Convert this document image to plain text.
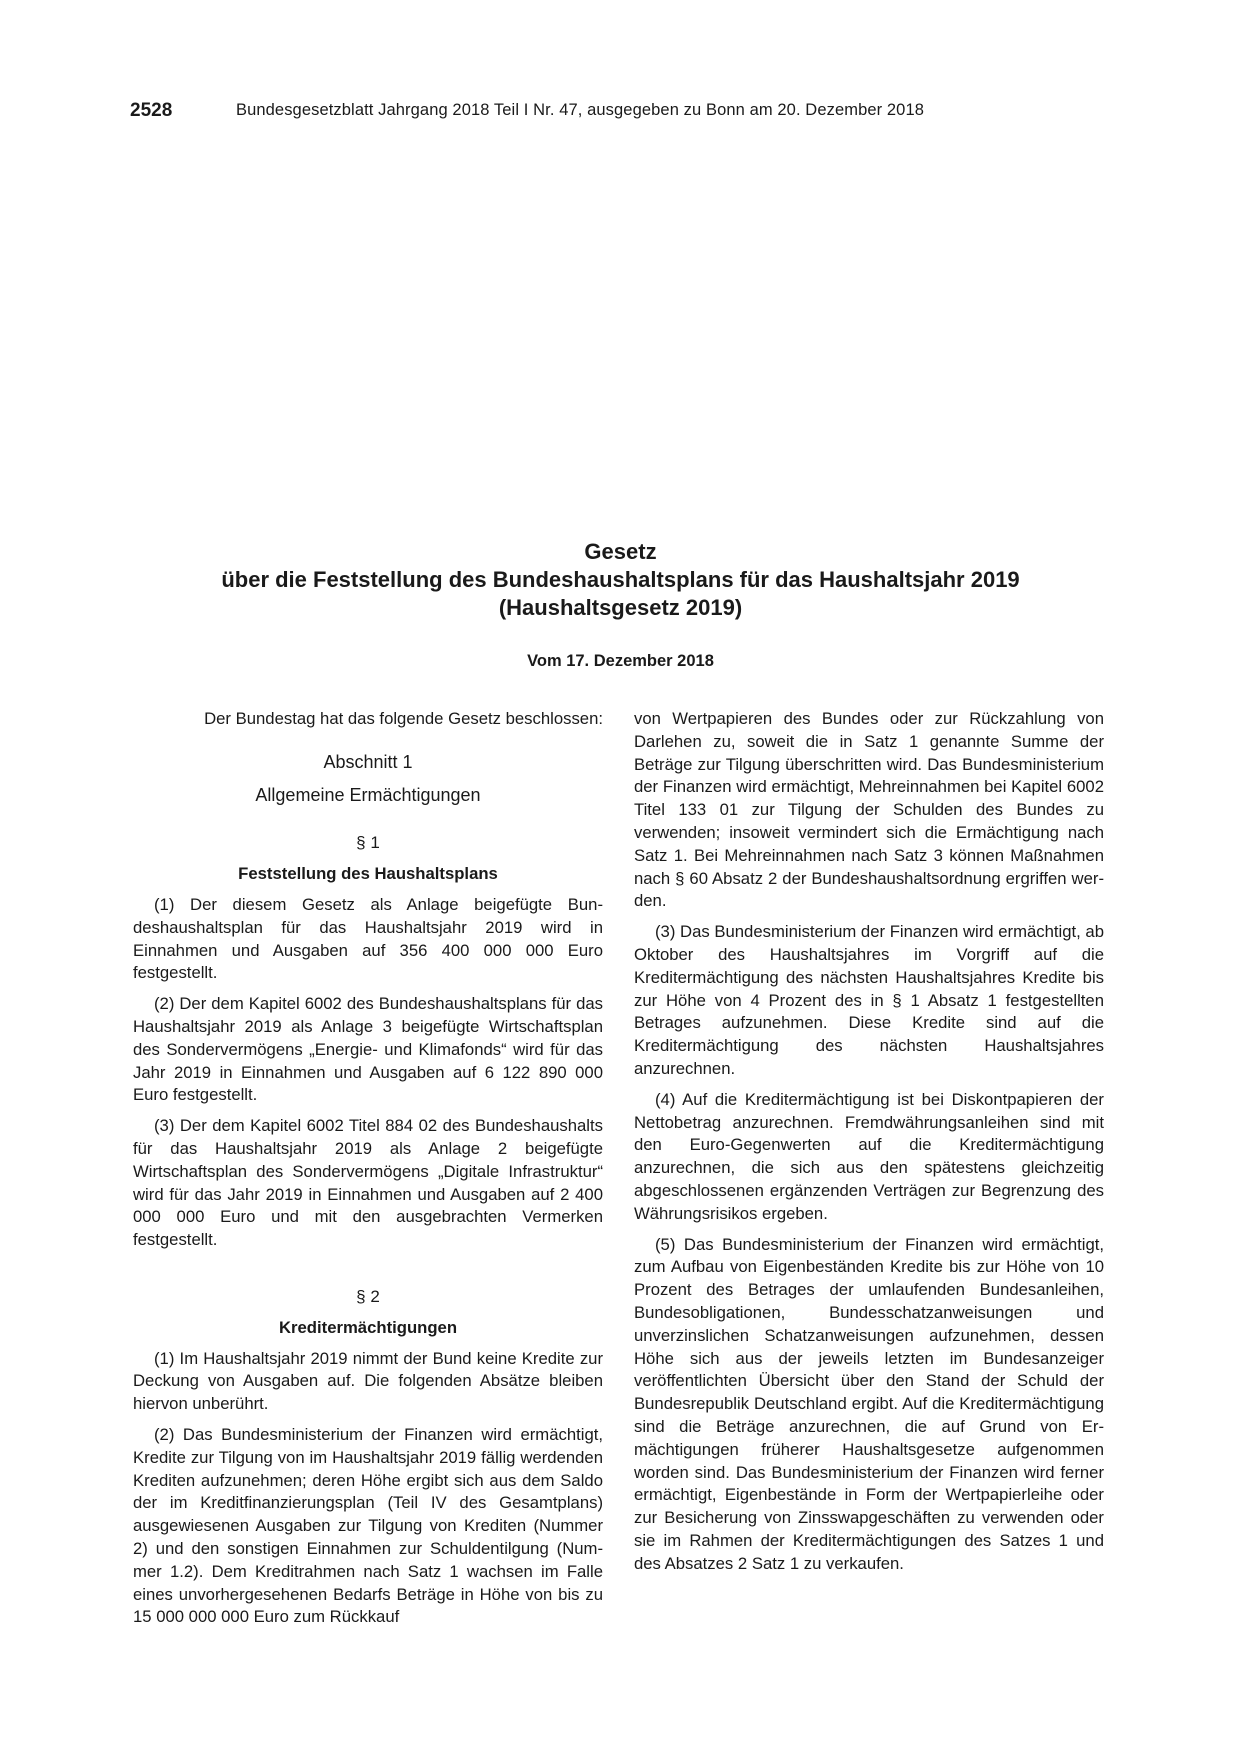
2528	Bundesgesetzblatt Jahrgang 2018 Teil I Nr. 47, ausgegeben zu Bonn am 20. Dezember 2018
Gesetz
über die Feststellung des Bundeshaushaltsplans für das Haushaltsjahr 2019
(Haushaltsgesetz 2019)
Vom 17. Dezember 2018

Der Bundestag hat das folgende Gesetz beschlossen:

Abschnitt 1
Allgemeine Ermächtigungen
§ 1
Feststellung des Haushaltsplans

(1) Der diesem Gesetz als Anlage beigefügte Bundeshaushaltsplan für das Haushaltsjahr 2019 wird in Einnahmen und Ausgaben auf 356 400 000 000 Euro festgestellt.

(2) Der dem Kapitel 6002 des Bundeshaushaltsplans für das Haushaltsjahr 2019 als Anlage 3 beigefügte Wirtschaftsplan des Sondervermögens „Energie- und Klimafonds“ wird für das Jahr 2019 in Einnahmen und Ausgaben auf 6 122 890 000 Euro festgestellt.

(3) Der dem Kapitel 6002 Titel 884 02 des Bundeshaushalts für das Haushaltsjahr 2019 als Anlage 2 beigefügte Wirtschaftsplan des Sondervermögens „Digitale Infrastruktur“ wird für das Jahr 2019 in Einnahmen und Ausgaben auf 2 400 000 000 Euro und mit den ausgebrachten Vermerken festgestellt.

§ 2
Kreditermächtigungen

(1) Im Haushaltsjahr 2019 nimmt der Bund keine Kredite zur Deckung von Ausgaben auf. Die folgenden Absätze bleiben hiervon unberührt.

(2) Das Bundesministerium der Finanzen wird ermächtigt, Kredite zur Tilgung von im Haushaltsjahr 2019 fällig werdenden Krediten aufzunehmen; deren Höhe ergibt sich aus dem Saldo der im Kreditfinanzierungsplan (Teil IV des Gesamtplans) ausgewiesenen Ausgaben zur Tilgung von Krediten (Nummer 2) und den sonstigen Einnahmen zur Schuldentilgung (Nummer 1.2). Dem Kreditrahmen nach Satz 1 wachsen im Falle eines unvorhergesehenen Bedarfs Beträge in Höhe von bis zu 15 000 000 000 Euro zum Rückkauf

von Wertpapieren des Bundes oder zur Rückzahlung von Darlehen zu, soweit die in Satz 1 genannte Summe der Beträge zur Tilgung überschritten wird. Das Bundesministerium der Finanzen wird ermächtigt, Mehreinnahmen bei Kapitel 6002 Titel 133 01 zur Tilgung der Schulden des Bundes zu verwenden; insoweit vermindert sich die Ermächtigung nach Satz 1. Bei Mehreinnahmen nach Satz 3 können Maßnahmen nach § 60 Absatz 2 der Bundeshaushaltsordnung ergriffen werden.

(3) Das Bundesministerium der Finanzen wird ermächtigt, ab Oktober des Haushaltsjahres im Vorgriff auf die Kreditermächtigung des nächsten Haushaltsjahres Kredite bis zur Höhe von 4 Prozent des in § 1 Absatz 1 festgestellten Betrages aufzunehmen. Diese Kredite sind auf die Kreditermächtigung des nächsten Haushaltsjahres anzurechnen.

(4) Auf die Kreditermächtigung ist bei Diskontpapieren der Nettobetrag anzurechnen. Fremdwährungsanleihen sind mit den Euro-Gegenwerten auf die Kreditermächtigung anzurechnen, die sich aus den spätestens gleichzeitig abgeschlossenen ergänzenden Verträgen zur Begrenzung des Währungsrisikos ergeben.

(5) Das Bundesministerium der Finanzen wird ermächtigt, zum Aufbau von Eigenbeständen Kredite bis zur Höhe von 10 Prozent des Betrages der umlaufenden Bundesanleihen, Bundesobligationen, Bundesschatzanweisungen und unverzinslichen Schatzanweisungen aufzunehmen, dessen Höhe sich aus der jeweils letzten im Bundesanzeiger veröffentlichten Übersicht über den Stand der Schuld der Bundesrepublik Deutschland ergibt. Auf die Kreditermächtigung sind die Beträge anzurechnen, die auf Grund von Ermächtigungen früherer Haushaltsgesetze aufgenommen worden sind. Das Bundesministerium der Finanzen wird ferner ermächtigt, Eigenbestände in Form der Wertpapierleihe oder zur Besicherung von Zinsswapgeschäften zu verwenden oder sie im Rahmen der Kreditermächtigungen des Satzes 1 und des Absatzes 2 Satz 1 zu verkaufen.
